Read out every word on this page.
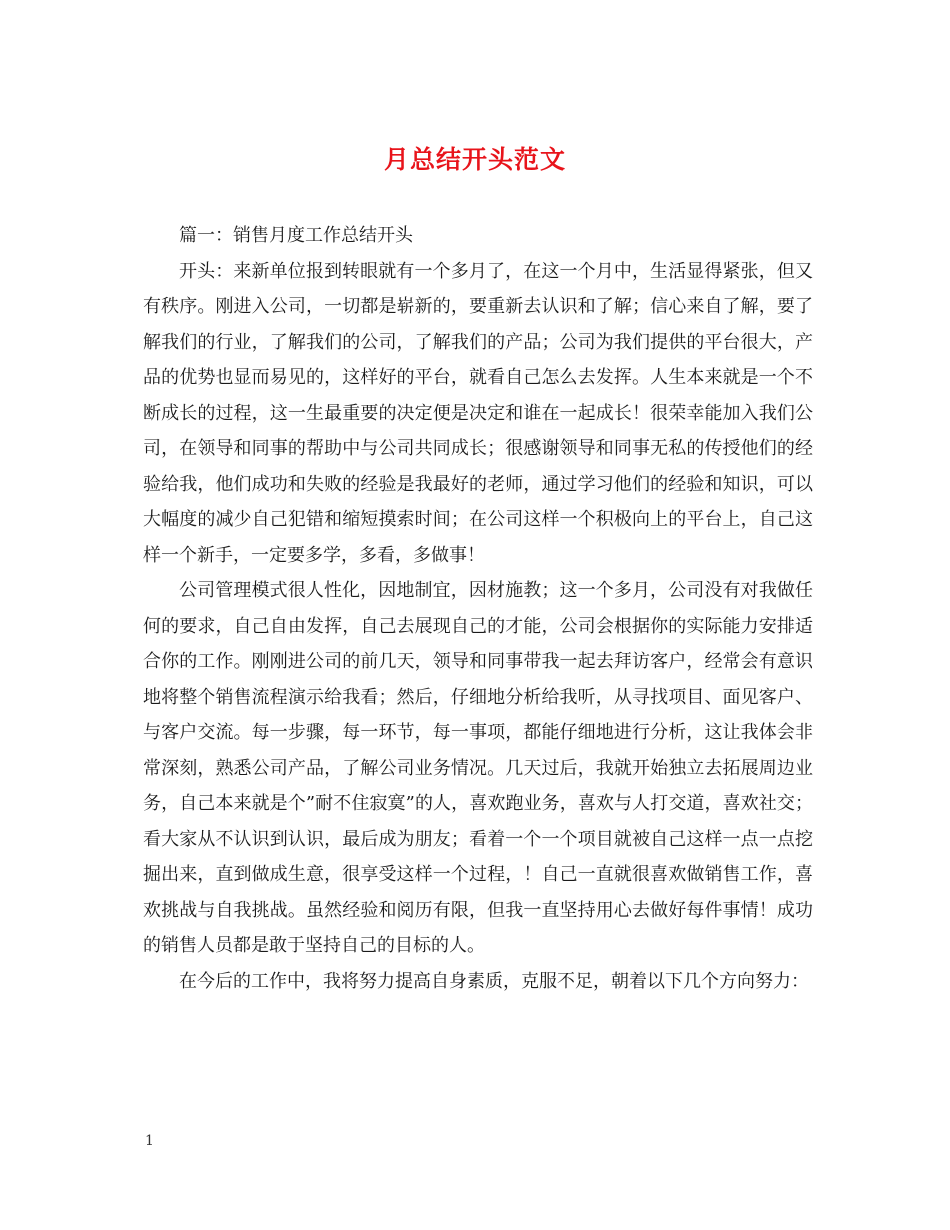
月总结开头范文

篇一：销售月度工作总结开头

开头：来新单位报到转眼就有一个多月了，在这一个月中，生活显得紧张，但又有秩序。刚进入公司，一切都是崭新的，要重新去认识和了解；信心来自了解，要了解我们的行业，了解我们的公司，了解我们的产品；公司为我们提供的平台很大，产品的优势也显而易见的，这样好的平台，就看自己怎么去发挥。人生本来就是一个不断成长的过程，这一生最重要的决定便是决定和谁在一起成长！很荣幸能加入我们公司，在领导和同事的帮助中与公司共同成长；很感谢领导和同事无私的传授他们的经验给我，他们成功和失败的经验是我最好的老师，通过学习他们的经验和知识，可以大幅度的减少自己犯错和缩短摸索时间；在公司这样一个积极向上的平台上，自己这样一个新手，一定要多学，多看，多做事！

公司管理模式很人性化，因地制宜，因材施教；这一个多月，公司没有对我做任何的要求，自己自由发挥，自己去展现自己的才能，公司会根据你的实际能力安排适合你的工作。刚刚进公司的前几天，领导和同事带我一起去拜访客户，经常会有意识地将整个销售流程演示给我看；然后，仔细地分析给我听，从寻找项目、面见客户、与客户交流。每一步骤，每一环节，每一事项，都能仔细地进行分析，这让我体会非常深刻，熟悉公司产品，了解公司业务情况。几天过后，我就开始独立去拓展周边业务，自己本来就是个”耐不住寂寞”的人，喜欢跑业务，喜欢与人打交道，喜欢社交；看大家从不认识到认识，最后成为朋友；看着一个一个项目就被自己这样一点一点挖掘出来，直到做成生意，很享受这样一个过程，！自己一直就很喜欢做销售工作，喜欢挑战与自我挑战。虽然经验和阅历有限，但我一直坚持用心去做好每件事情！成功的销售人员都是敢于坚持自己的目标的人。

在今后的工作中，我将努力提高自身素质，克服不足，朝着以下几个方向努力：

1
